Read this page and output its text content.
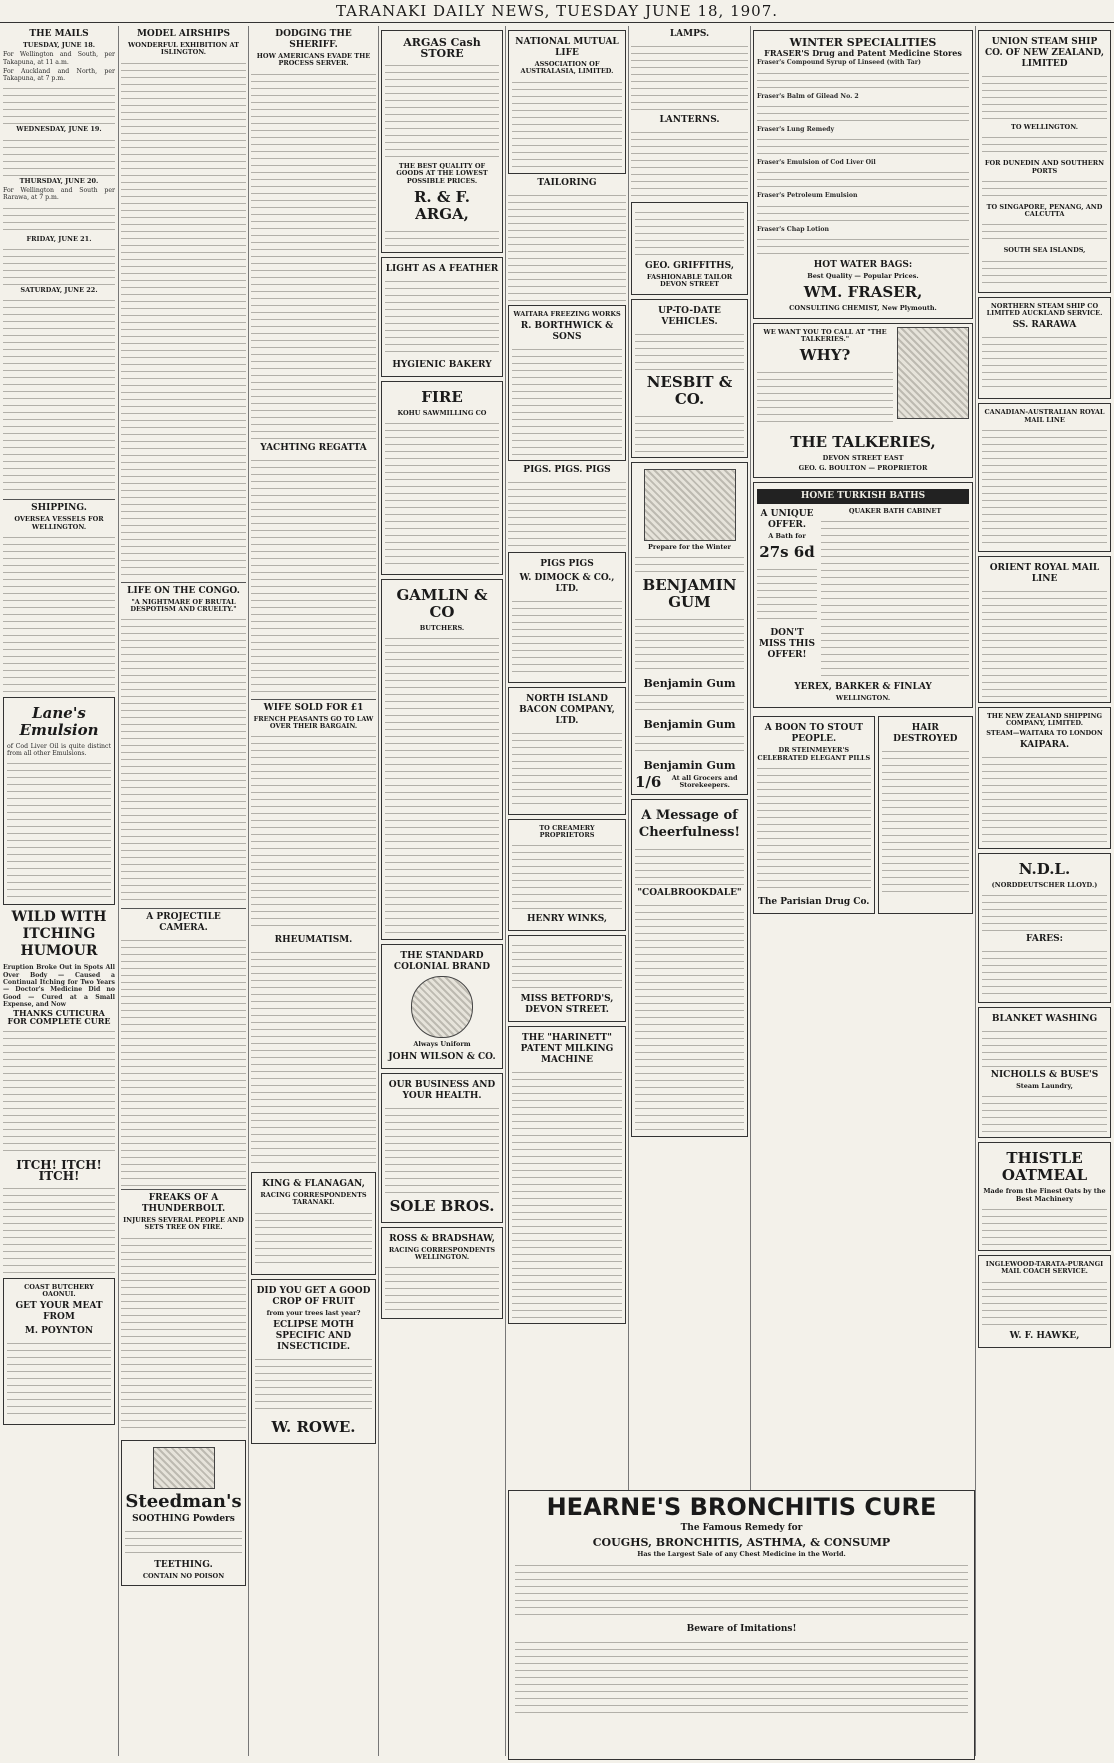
TARANAKI DAILY NEWS, TUESDAY JUNE 18, 1907.
THE MAILS
TUESDAY, JUNE 18.
For Wellington and South, per Takapuna, at 11 a.m.
For Auckland and North, per Takapuna, at 7 p.m.
WEDNESDAY, JUNE 19.
THURSDAY, JUNE 20.
For Wellington and South per Rarawa, at 7 p.m.
FRIDAY, JUNE 21.
SATURDAY, JUNE 22.
SHIPPING.
OVERSEA VESSELS FOR WELLINGTON.
Lane's Emulsion
of Cod Liver Oil is quite distinct from all other Emulsions.
WILD WITH ITCHING HUMOUR
Eruption Broke Out in Spots All Over Body — Caused a Continual Itching for Two Years — Doctor's Medicine Did no Good — Cured at a Small Expense, and Now
THANKS CUTICURA FOR COMPLETE CURE
ITCH! ITCH! ITCH!
COAST BUTCHERY OAONUI.
GET YOUR MEAT FROM
M. POYNTON
MODEL AIRSHIPS
WONDERFUL EXHIBITION AT ISLINGTON.
LIFE ON THE CONGO.
"A NIGHTMARE OF BRUTAL DESPOTISM AND CRUELTY."
A PROJECTILE CAMERA.
FREAKS OF A THUNDERBOLT.
INJURES SEVERAL PEOPLE AND SETS TREE ON FIRE.
Steedman's
SOOTHING Powders
TEETHING.
CONTAIN NO POISON
DODGING THE SHERIFF.
HOW AMERICANS EVADE THE PROCESS SERVER.
YACHTING REGATTA
WIFE SOLD FOR £1
FRENCH PEASANTS GO TO LAW OVER THEIR BARGAIN.
RHEUMATISM.
KING & FLANAGAN,
RACING CORRESPONDENTS TARANAKI.
DID YOU GET A GOOD CROP OF FRUIT
from your trees last year?
ECLIPSE MOTH SPECIFIC AND INSECTICIDE.
W. ROWE.
ARGAS Cash STORE
THE BEST QUALITY OF GOODS AT THE LOWEST POSSIBLE PRICES.
R. & F. ARGA,
LIGHT AS A FEATHER
HYGIENIC BAKERY
FIRE
KOHU SAWMILLING CO
GAMLIN & CO
BUTCHERS.
THE STANDARD COLONIAL BRAND
Always Uniform
JOHN WILSON & CO.
OUR BUSINESS AND YOUR HEALTH.
SOLE BROS.
ROSS & BRADSHAW,
RACING CORRESPONDENTS WELLINGTON.
NATIONAL MUTUAL LIFE
ASSOCIATION OF AUSTRALASIA, LIMITED.
TAILORING
WAITARA FREEZING WORKS
R. BORTHWICK & SONS
PIGS. PIGS. PIGS
PIGS PIGS
W. DIMOCK & CO., LTD.
NORTH ISLAND BACON COMPANY, LTD.
TO CREAMERY PROPRIETORS
HENRY WINKS,
MISS BETFORD'S, DEVON STREET.
THE "HARINETT" PATENT MILKING MACHINE
LAMPS.
LANTERNS.
GEO. GRIFFITHS,
FASHIONABLE TAILOR DEVON STREET
UP-TO-DATE VEHICLES.
NESBIT & CO.
Prepare for the Winter
BENJAMIN GUM
Benjamin Gum
Benjamin Gum
Benjamin Gum
1/6	At all Grocers and Storekeepers.
A Message of Cheerfulness!
"COALBROOKDALE"
WINTER SPECIALITIES
FRASER'S Drug and Patent Medicine Stores
Fraser's Compound Syrup of Linseed (with Tar)
Fraser's Balm of Gilead No. 2
Fraser's Lung Remedy
Fraser's Emulsion of Cod Liver Oil
Fraser's Petroleum Emulsion
Fraser's Chap Lotion
HOT WATER BAGS:
Best Quality — Popular Prices.
WM. FRASER,
CONSULTING CHEMIST, New Plymouth.
WE WANT YOU TO CALL AT "THE TALKERIES."
WHY?
THE TALKERIES,
DEVON STREET EAST
GEO. G. BOULTON — PROPRIETOR
HOME TURKISH BATHS
A UNIQUE OFFER.
A Bath for
27s 6d
DON'T MISS THIS OFFER!
QUAKER BATH CABINET
YEREX, BARKER & FINLAY
WELLINGTON.
A BOON TO STOUT PEOPLE.
DR STEINMEYER'S CELEBRATED ELEGANT PILLS
The Parisian Drug Co.
HAIR DESTROYED
HEARNE'S BRONCHITIS CURE
The Famous Remedy for
COUGHS, BRONCHITIS, ASTHMA, & CONSUMP
Has the Largest Sale of any Chest Medicine in the World.
Beware of Imitations!
UNION STEAM SHIP CO. OF NEW ZEALAND, LIMITED
TO WELLINGTON.
FOR DUNEDIN AND SOUTHERN PORTS
TO SINGAPORE, PENANG, AND CALCUTTA
SOUTH SEA ISLANDS,
NORTHERN STEAM SHIP CO LIMITED AUCKLAND SERVICE.
SS. RARAWA
CANADIAN-AUSTRALIAN ROYAL MAIL LINE
ORIENT ROYAL MAIL LINE
THE NEW ZEALAND SHIPPING COMPANY, LIMITED.
STEAM—WAITARA TO LONDON
KAIPARA.
N.D.L.
(NORDDEUTSCHER LLOYD.)
FARES:
BLANKET WASHING
NICHOLLS & BUSE'S
Steam Laundry,
THISTLE OATMEAL
Made from the Finest Oats by the Best Machinery
INGLEWOOD-TARATA-PURANGI MAIL COACH SERVICE.
W. F. HAWKE,
